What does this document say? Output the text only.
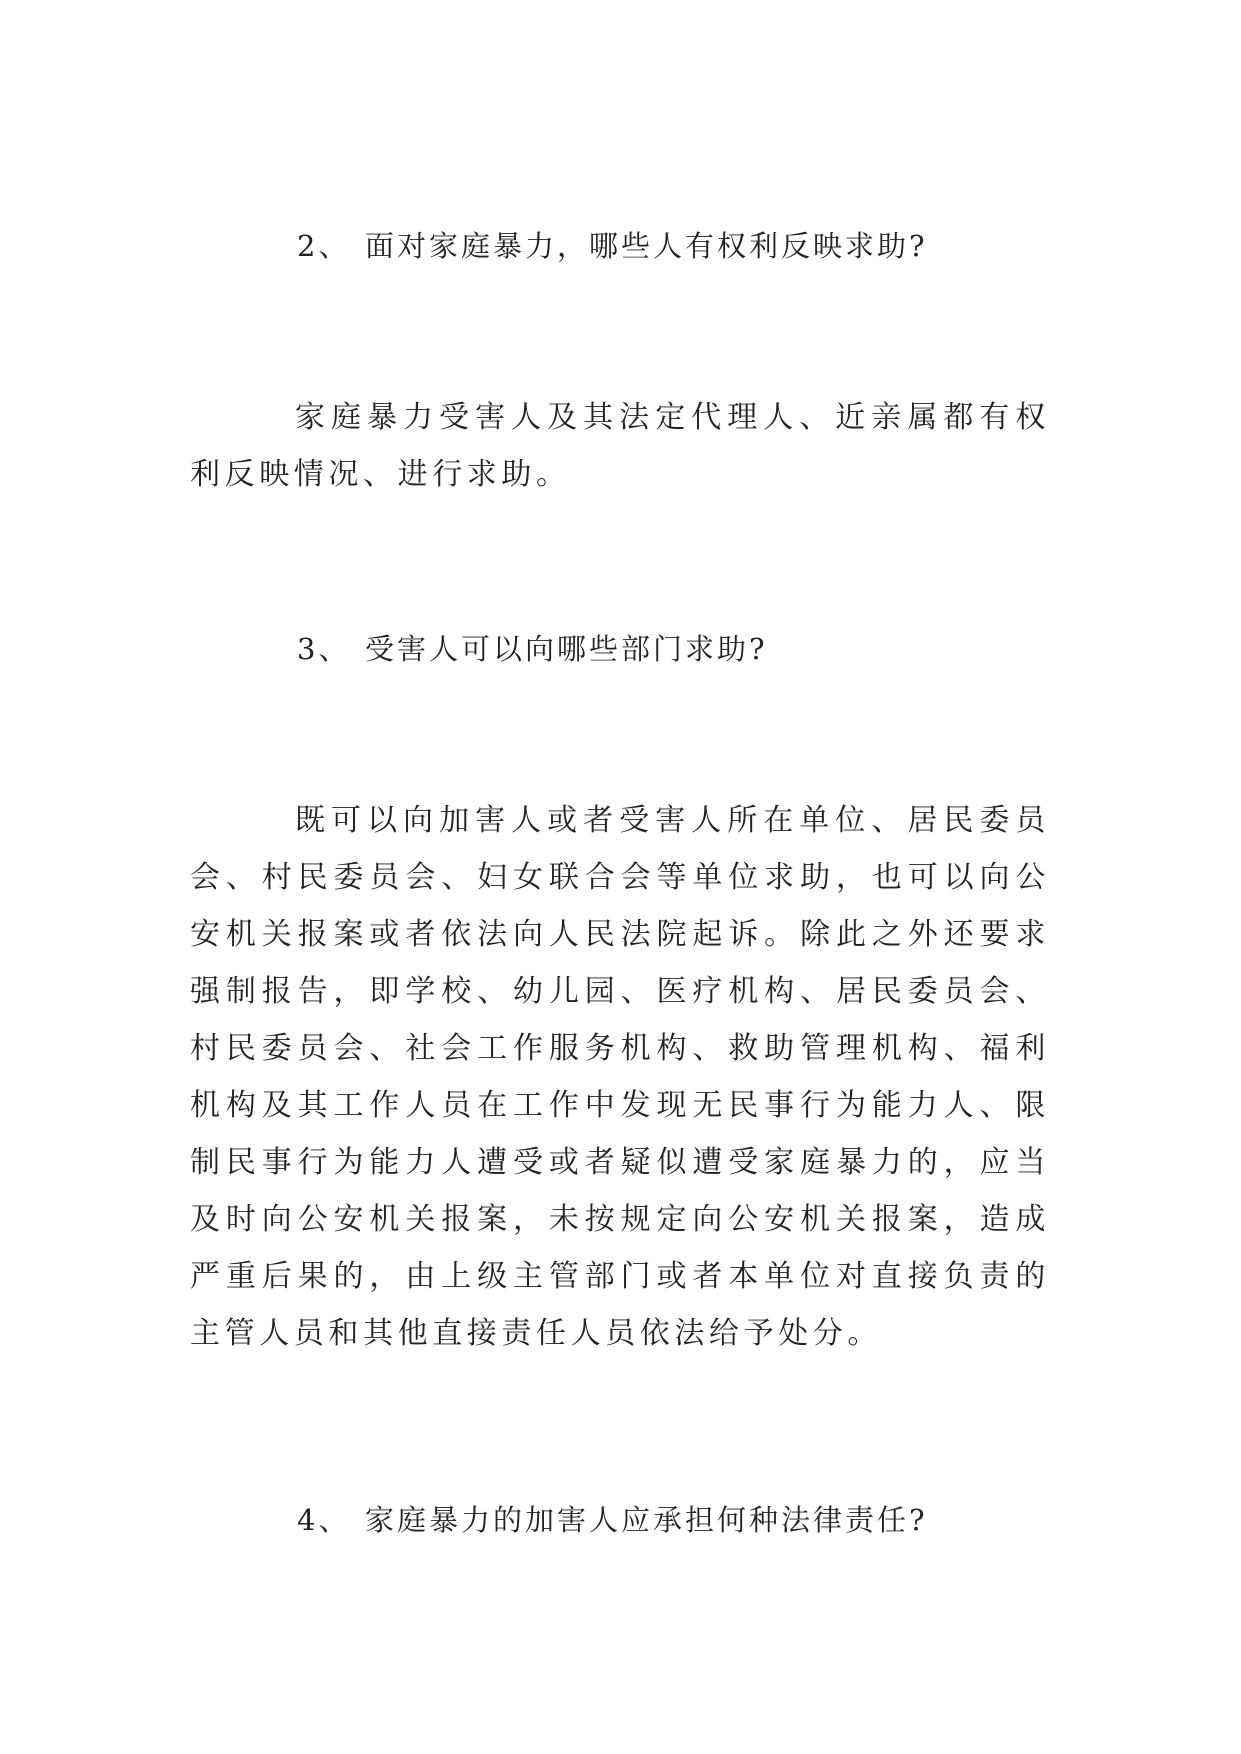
2、 面对家庭暴力，哪些人有权利反映求助?

家庭暴力受害人及其法定代理人、近亲属都有权利反映情况、进行求助。

3、 受害人可以向哪些部门求助?

既可以向加害人或者受害人所在单位、居民委员会、村民委员会、妇女联合会等单位求助，也可以向公安机关报案或者依法向人民法院起诉。除此之外还要求强制报告，即学校、幼儿园、医疗机构、居民委员会、村民委员会、社会工作服务机构、救助管理机构、福利机构及其工作人员在工作中发现无民事行为能力人、限制民事行为能力人遭受或者疑似遭受家庭暴力的，应当及时向公安机关报案，未按规定向公安机关报案，造成严重后果的，由上级主管部门或者本单位对直接负责的主管人员和其他直接责任人员依法给予处分。

4、 家庭暴力的加害人应承担何种法律责任?
